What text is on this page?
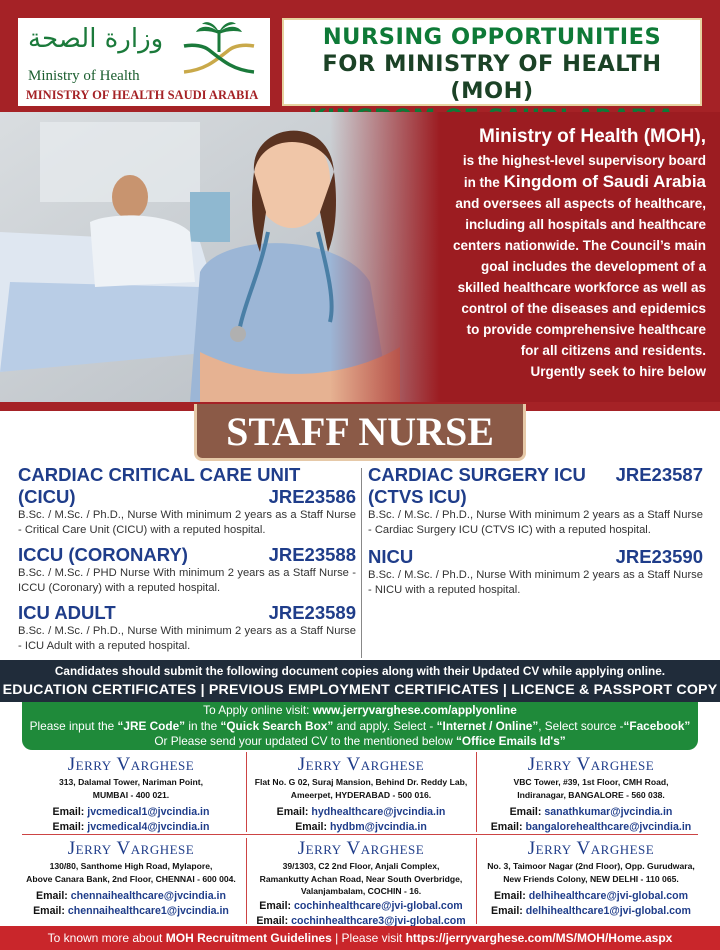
وزارة الصحة
Ministry of Health
MINISTRY OF HEALTH SAUDI ARABIA
NURSING OPPORTUNITIES
FOR MINISTRY OF HEALTH (MOH)
Ministry of Health (MOH),
is the highest-level supervisory board
in the Kingdom of Saudi Arabia
and oversees all aspects of healthcare,
including all hospitals and healthcare
centers nationwide. The Council’s main
goal includes the development of a
skilled healthcare workforce as well as
control of the diseases and epidemics
to provide comprehensive healthcare
for all citizens and residents.
Urgently seek to hire below
STAFF NURSE
CARDIAC CRITICAL CARE UNIT
(CICU)	JRE23586
B.Sc. / M.Sc. / Ph.D., Nurse With minimum 2 years as a Staff Nurse - Critical Care Unit (CICU) with a reputed hospital.
ICCU (CORONARY)	JRE23588
B.Sc. / M.Sc. / PHD Nurse With minimum 2 years as a Staff Nurse - ICCU (Coronary) with a reputed hospital.
ICU ADULT	JRE23589
B.Sc. / M.Sc. / Ph.D., Nurse With minimum 2 years as a Staff Nurse - ICU Adult with a reputed hospital.
CARDIAC SURGERY ICU JRE23587
(CTVS ICU)
B.Sc. / M.Sc. / Ph.D., Nurse With minimum 2 years as a Staff Nurse - Cardiac Surgery ICU (CTVS IC) with a reputed hospital.
NICU	JRE23590
B.Sc. / M.Sc. / Ph.D., Nurse With minimum 2 years as a Staff Nurse - NICU with a reputed hospital.
Candidates should submit the following document copies along with their Updated CV while applying online.
EDUCATION CERTIFICATES | PREVIOUS EMPLOYMENT CERTIFICATES | LICENCE & PASSPORT COPY
To Apply online visit: www.jerryvarghese.com/applyonline
Please input the “JRE Code” in the “Quick Search Box” and apply. Select - “Internet / Online”, Select source -“Facebook”
Or Please send your updated CV to the mentioned below “Office Emails Id's”
Jerry Varghese
313, Dalamal Tower, Nariman Point,
MUMBAI - 400 021.
Email: jvcmedical1@jvcindia.in
Email: jvcmedical4@jvcindia.in
Jerry Varghese
Flat No. G 02, Suraj Mansion, Behind Dr. Reddy Lab,
Ameerpet, HYDERABAD - 500 016.
Email: hydhealthcare@jvcindia.in
Email: hydbm@jvcindia.in
Jerry Varghese
VBC Tower, #39, 1st Floor, CMH Road,
Indiranagar, BANGALORE - 560 038.
Email: sanathkumar@jvcindia.in
Email: bangalorehealthcare@jvcindia.in
Jerry Varghese
130/80, Santhome High Road, Mylapore,
Above Canara Bank, 2nd Floor, CHENNAI - 600 004.
Email: chennaihealthcare@jvcindia.in
Email: chennaihealthcare1@jvcindia.in
Jerry Varghese
39/1303, C2 2nd Floor, Anjali Complex,
Ramankutty Achan Road, Near South Overbridge,
Valanjambalam, COCHIN - 16.
Email: cochinhealthcare@jvi-global.com
Email: cochinhealthcare3@jvi-global.com
Jerry Varghese
No. 3, Taimoor Nagar (2nd Floor), Opp. Gurudwara,
New Friends Colony, NEW DELHI - 110 065.
Email: delhihealthcare@jvi-global.com
Email: delhihealthcare1@jvi-global.com
To known more about MOH Recruitment Guidelines | Please visit https://jerryvarghese.com/MS/MOH/Home.aspx
